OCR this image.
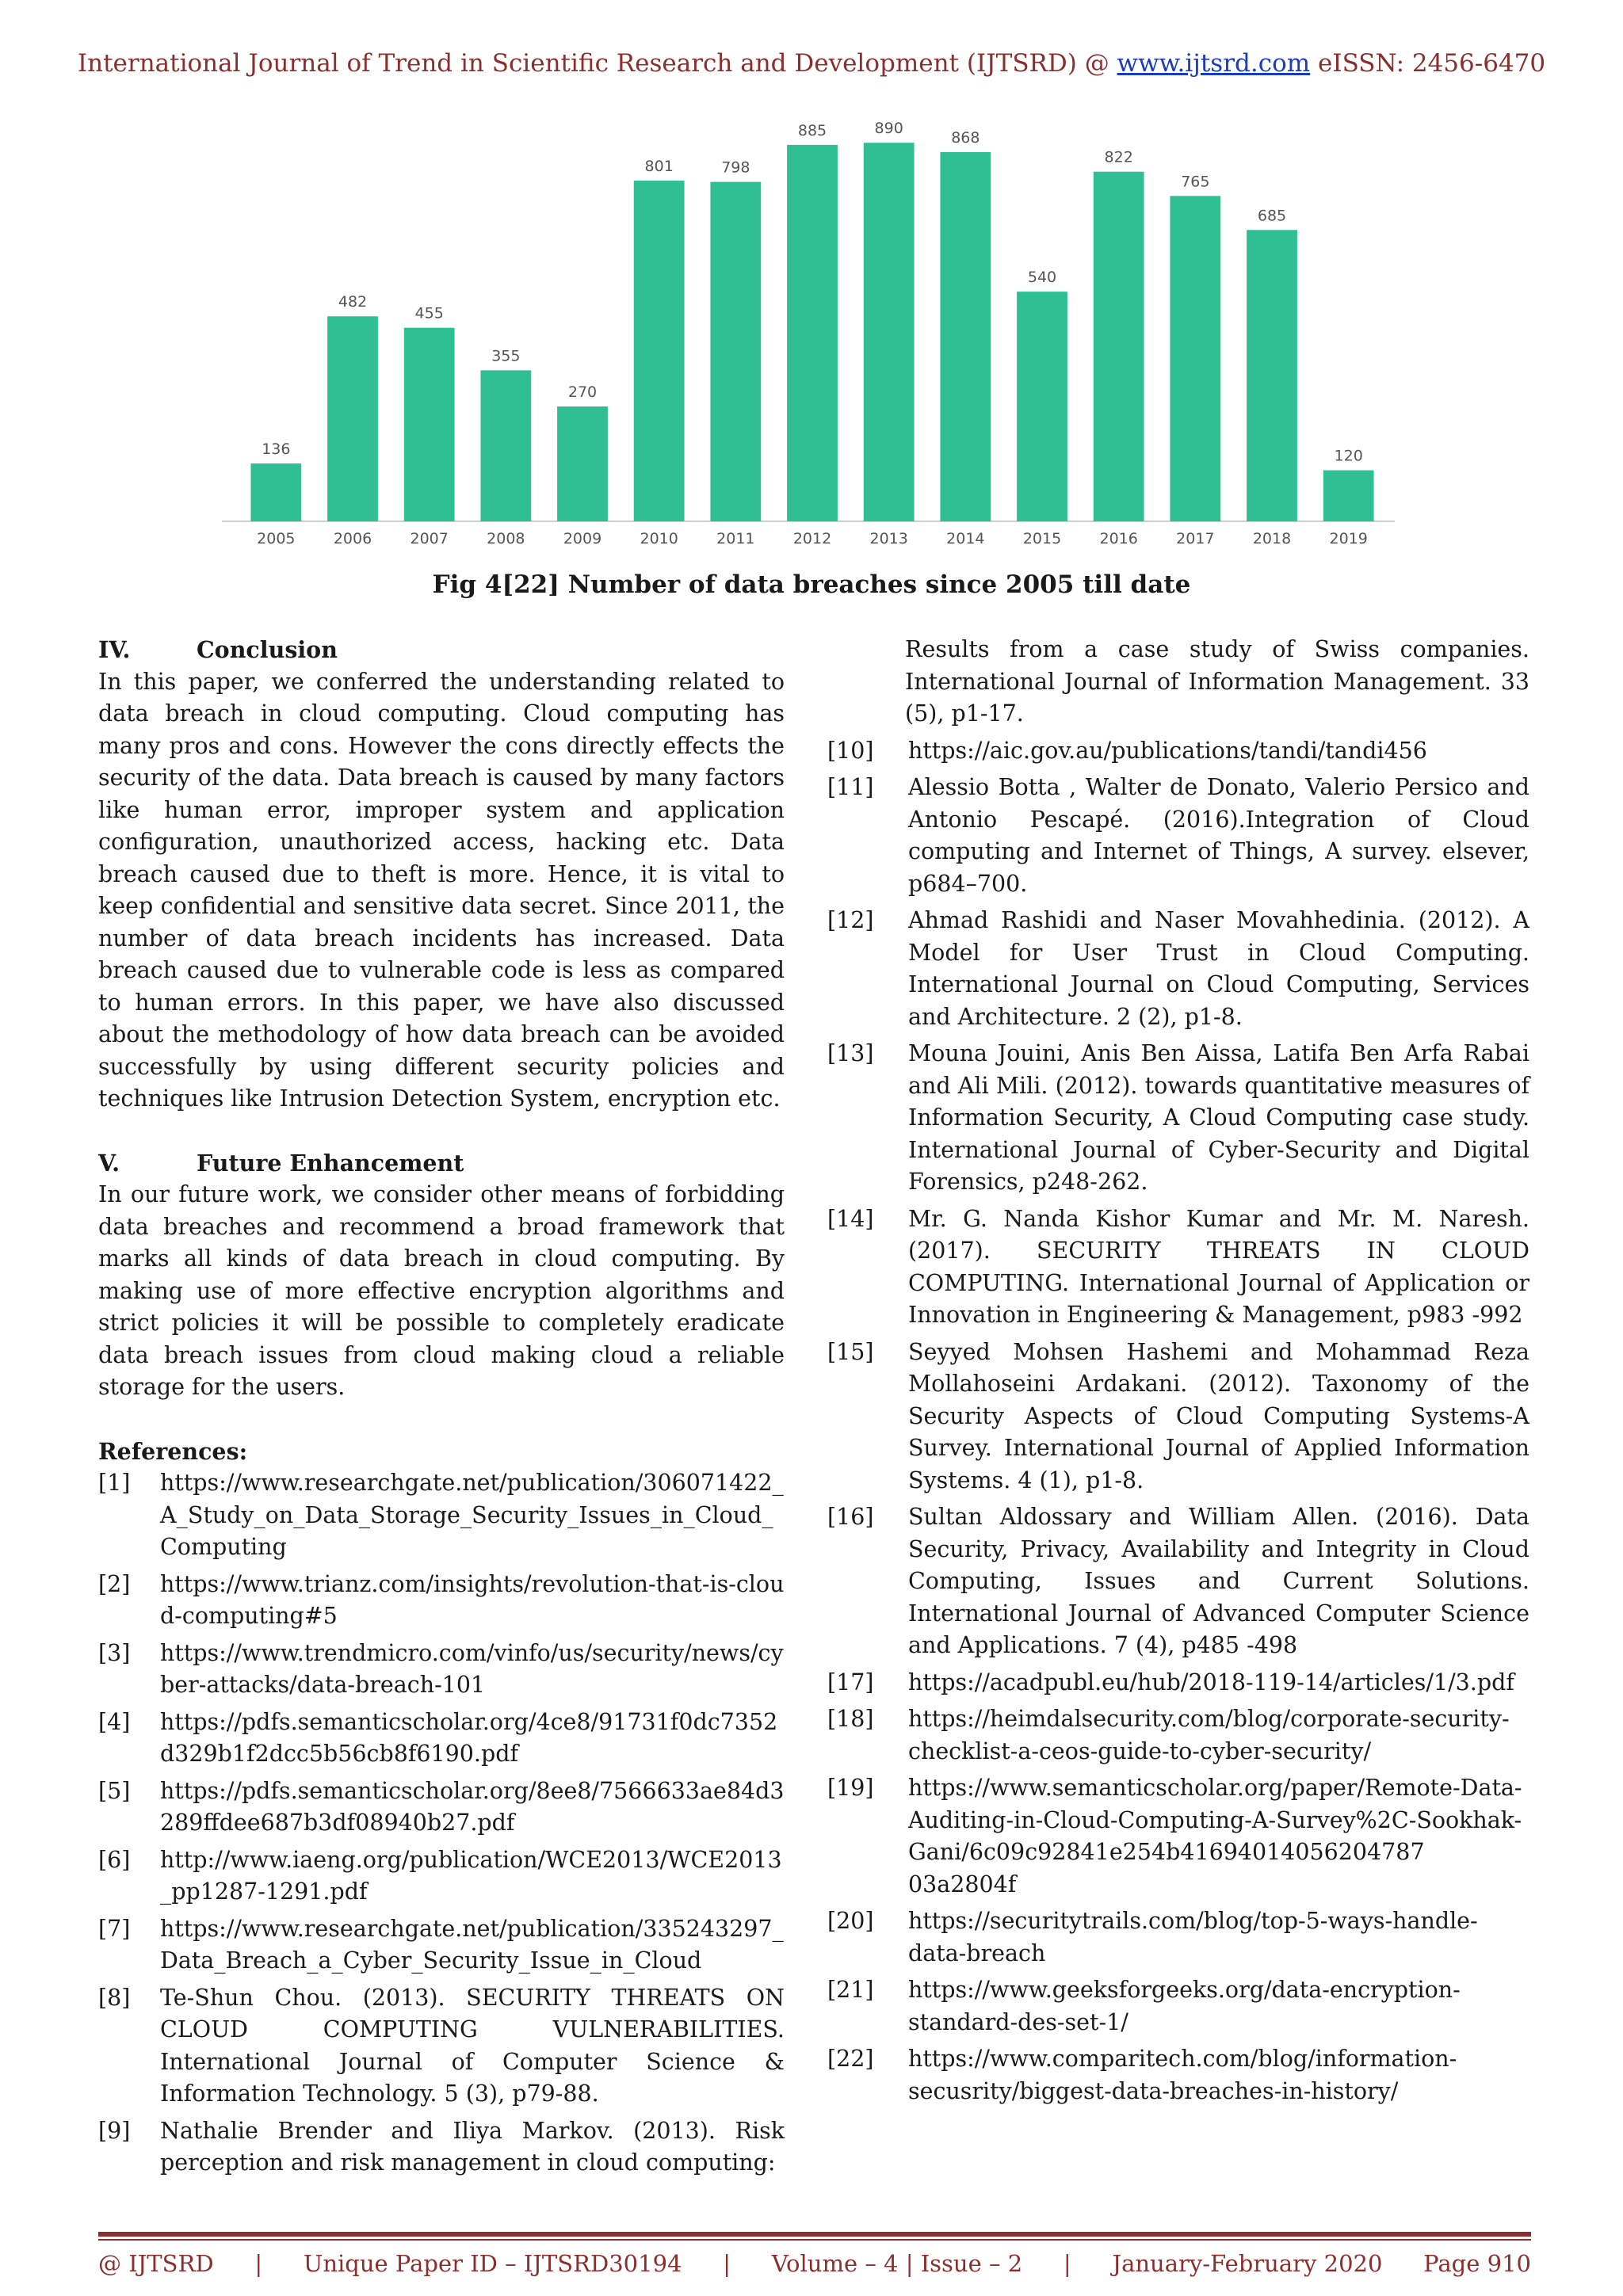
International Journal of Trend in Scientific Research and Development (IJTSRD) @ www.ijtsrd.com eISSN: 2456-6470
136
2005
482
2006
455
2007
355
2008
270
2009
801
2010
798
2011
885
2012
890
2013
868
2014
540
2015
822
2016
765
2017
685
2018
120
2019
Fig 4[22] Number of data breaches since 2005 till date
IV.	Conclusion
In this paper, we conferred the understanding related to data breach in cloud computing. Cloud computing has many pros and cons. However the cons directly effects the security of the data. Data breach is caused by many factors like human error, improper system and application configuration, unauthorized access, hacking etc. Data breach caused due to theft is more. Hence, it is vital to keep confidential and sensitive data secret. Since 2011, the number of data breach incidents has increased. Data breach caused due to vulnerable code is less as compared to human errors. In this paper, we have also discussed about the methodology of how data breach can be avoided successfully by using different security policies and techniques like Intrusion Detection System, encryption etc.
V.	Future Enhancement
In our future work, we consider other means of forbidding data breaches and recommend a broad framework that marks all kinds of data breach in cloud computing. By making use of more effective encryption algorithms and strict policies it will be possible to completely eradicate data breach issues from cloud making cloud a reliable storage for the users.
References:
[1]	https://www.researchgate.net/publication/306071422_A_Study_on_Data_Storage_Security_Issues_in_Cloud_Computing
[2]	https://www.trianz.com/insights/revolution-that-is-cloud-computing#5
[3]	https://www.trendmicro.com/vinfo/us/security/news/cyber-attacks/data-breach-101
[4]	https://pdfs.semanticscholar.org/4ce8/91731f0dc7352d329b1f2dcc5b56cb8f6190.pdf
[5]	https://pdfs.semanticscholar.org/8ee8/7566633ae84d3289ffdee687b3df08940b27.pdf
[6]	http://www.iaeng.org/publication/WCE2013/WCE2013_pp1287-1291.pdf
[7]	https://www.researchgate.net/publication/335243297_Data_Breach_a_Cyber_Security_Issue_in_Cloud
[8]	Te-Shun Chou. (2013). SECURITY THREATS ON CLOUD COMPUTING VULNERABILITIES. International Journal of Computer Science & Information Technology. 5 (3), p79-88.
[9]	Nathalie Brender and Iliya Markov. (2013). Risk perception and risk management in cloud computing:
Results from a case study of Swiss companies. International Journal of Information Management. 33 (5), p1-17.
[10]	https://aic.gov.au/publications/tandi/tandi456
[11]	Alessio Botta , Walter de Donato, Valerio Persico and Antonio Pescapé. (2016).Integration of Cloud computing and Internet of Things, A survey. elsever, p684–700.
[12]	Ahmad Rashidi and Naser Movahhedinia. (2012). A Model for User Trust in Cloud Computing. International Journal on Cloud Computing, Services and Architecture. 2 (2), p1-8.
[13]	Mouna Jouini, Anis Ben Aissa, Latifa Ben Arfa Rabai and Ali Mili. (2012). towards quantitative measures of Information Security, A Cloud Computing case study. International Journal of Cyber-Security and Digital Forensics, p248-262.
[14]	Mr. G. Nanda Kishor Kumar and Mr. M. Naresh. (2017). SECURITY THREATS IN CLOUD COMPUTING. International Journal of Application or Innovation in Engineering & Management, p983 -992
[15]	Seyyed Mohsen Hashemi and Mohammad Reza Mollahoseini Ardakani. (2012). Taxonomy of the Security Aspects of Cloud Computing Systems-A Survey. International Journal of Applied Information Systems. 4 (1), p1-8.
[16]	Sultan Aldossary and William Allen. (2016). Data Security, Privacy, Availability and Integrity in Cloud Computing, Issues and Current Solutions. International Journal of Advanced Computer Science and Applications. 7 (4), p485 -498
[17]	https://acadpubl.eu/hub/2018-119-14/articles/1/3.pdf
[18]	https://heimdalsecurity.com/blog/corporate-security-checklist-a-ceos-guide-to-cyber-security/
[19]	https://www.semanticscholar.org/paper/Remote-Data-Auditing-in-Cloud-Computing-A-Survey%2C-Sookhak-Gani/6c09c92841e254b41694014056204787 03a2804f
[20]	https://securitytrails.com/blog/top-5-ways-handle-data-breach
[21]	https://www.geeksforgeeks.org/data-encryption-standard-des-set-1/
[22]	https://www.comparitech.com/blog/information-secusrity/biggest-data-breaches-in-history/
@ IJTSRD | Unique Paper ID – IJTSRD30194 | Volume – 4 | Issue – 2 | January-February 2020 Page 910
